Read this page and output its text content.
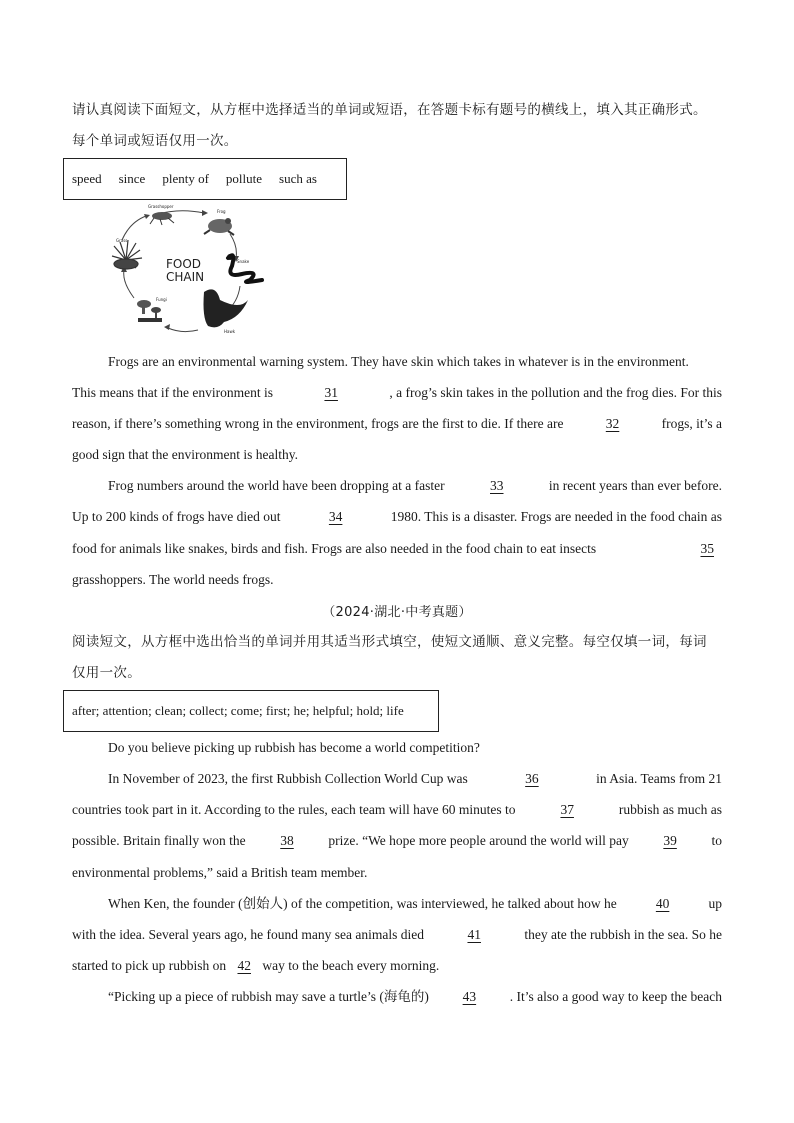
请认真阅读下面短文，从方框中选择适当的单词或短语，在答题卡标有题号的横线上，填入其正确形式。
每个单词或短语仅用一次。
speed since plenty of pollute such as
Grasshopper
Frog
Snake
Hawk
Fungi
Grass
FOOD
CHAIN
Frogs are an environmental warning system. They have skin which takes in whatever is in the environment.
This means that if the environment is	31	, a frog’s skin takes in the pollution and the frog dies. For this
reason, if there’s something wrong in the environment, frogs are the first to die. If there are	32	frogs, it’s a
good sign that the environment is healthy.
Frog numbers around the world have been dropping at a faster	33	in recent years than ever before.
Up to 200 kinds of frogs have died out	34	1980. This is a disaster. Frogs are needed in the food chain as
food for animals like snakes, birds and fish. Frogs are also needed in the food chain to eat insects	35
grasshoppers. The world needs frogs.
（2024·湖北·中考真题）
阅读短文，从方框中选出恰当的单词并用其适当形式填空，使短文通顺、意义完整。每空仅填一词，每词
仅用一次。
after; attention; clean; collect; come; first; he; helpful; hold; life
Do you believe picking up rubbish has become a world competition?
In November of 2023, the first Rubbish Collection World Cup was	36	in Asia. Teams from 21
countries took part in it. According to the rules, each team will have 60 minutes to	37	rubbish as much as
possible. Britain finally won the	38	prize. “We hope more people around the world will pay	39	to
environmental problems,” said a British team member.
When Ken, the founder (创始人) of the competition, was interviewed, he talked about how he	40	up
with the idea. Several years ago, he found many sea animals died	41	they ate the rubbish in the sea. So he
started to pick up rubbish on 42 way to the beach every morning.
“Picking up a piece of rubbish may save a turtle’s (海龟的)	43	. It’s also a good way to keep the beach
